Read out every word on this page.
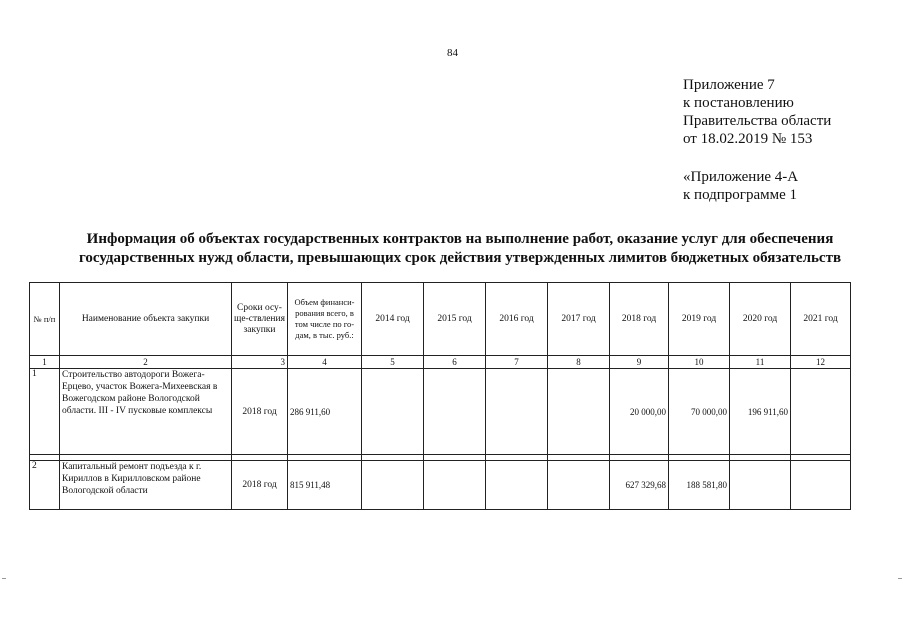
84

Приложение 7

к постановлению

Правительства области

от 18.02.2019 № 153

«Приложение 4-А

к подпрограмме 1

Информация об объектах государственных контрактов на выполнение работ, оказание услуг для обеспечения

государственных нужд области, превышающих срок действия утвержденных лимитов бюджетных обязательств

№ п/п	Наименование объекта закупки	Сроки осу-ще-ствления закупки	Объем финанси-рования всего, в том числе по го-дам, в тыс. руб.:	2014 год	2015 год	2016 год	2017 год	2018 год	2019 год	2020 год	2021 год
1	2	3	4	5	6	7	8	9	10	11	12
1	Строительство автодороги Вожега-Ерцево, участок Вожега-Михеевская в Вожегодском районе Вологодской области. III - IV пусковые комплексы	2018 год	286 911,60					20 000,00	70 000,00	196 911,60	

2	Капитальный ремонт подъезда к г. Кириллов в Кирилловском районе Вологодской области	2018 год	815 911,48					627 329,68	188 581,80		
